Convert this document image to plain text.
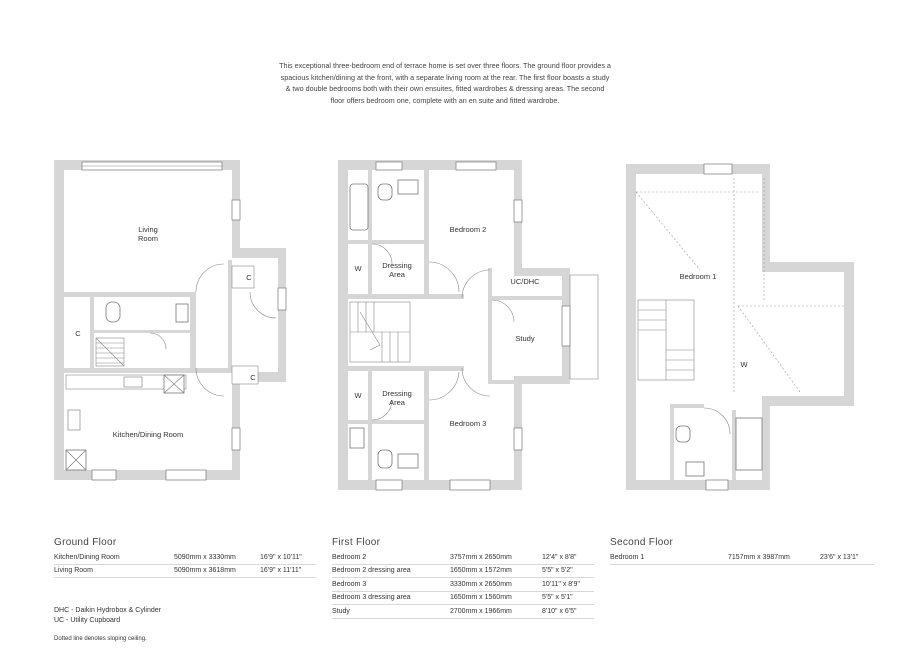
This exceptional three-bedroom end of terrace home is set over three floors. The ground floor provides a

spacious kitchen/dining at the front, with a separate living room at the rear. The first floor boasts a study

& two double bedrooms both with their own ensuites, fitted wardrobes & dressing areas. The second

floor offers bedroom one, complete with an en suite and fitted wardrobe.

Living
Room
Kitchen/Dining Room
C
C
C
Bedroom 2
Bedroom 3
Dressing
Area
Dressing
Area
W
W
UC/DHC
Study
Bedroom 1
W
Ground Floor
Kitchen/Dining Room	5090mm x 3330mm	16'9" x 10'11"
Living Room	5090mm x 3618mm	16'9" x 11'11"
First Floor
Bedroom 2	3757mm x 2650mm	12'4" x 8'8"
Bedroom 2 dressing area	1650mm x 1572mm	5'5" x 5'2"
Bedroom 3	3330mm x 2650mm	10'11" x 8'9"
Bedroom 3 dressing area	1650mm x 1560mm	5'5" x 5'1"
Study	2700mm x 1966mm	8'10" x 6'5"
Second Floor
Bedroom 1	7157mm x 3987mm	23'6" x 13'1"
DHC - Daikin Hydrobox & Cylinder
UC - Utility Cupboard
Dotted line denotes sloping ceiling.
